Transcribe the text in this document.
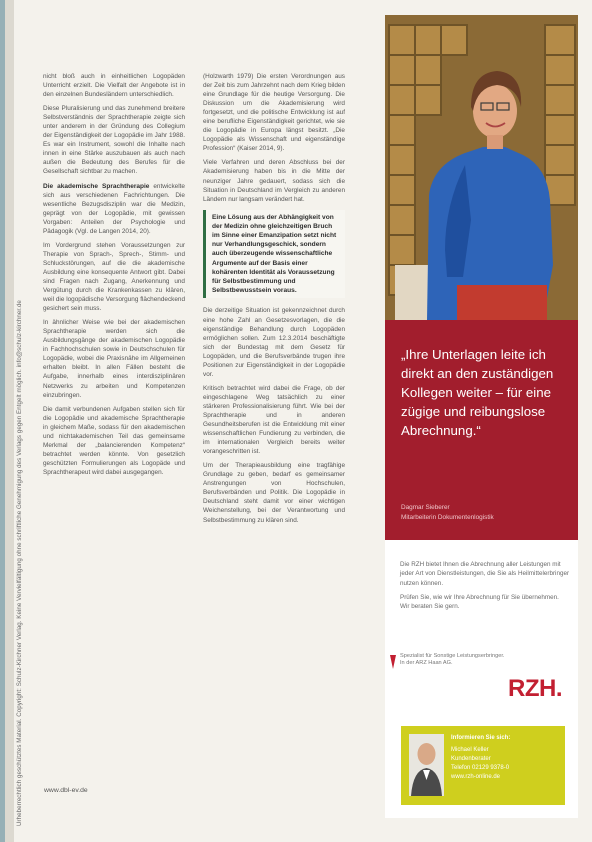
Urheberrechtlich geschütztes Material. Copyright: Schulz-Kirchner Verlag. Keine Vervielfältigung ohne schriftliche Genehmigung des Verlags gegen Entgelt möglich. info@schulz-kirchner.de

nicht bloß auch in einheitlichen Logopäden Unterricht erzielt. Die Vielfalt der Angebote ist in den einzelnen Bundesländern unterschiedlich.

Diese Pluralisierung und das zunehmend breitere Selbstverständnis der Sprachtherapie zeigte sich unter anderem in der Gründung des Collegium der Eigenständigkeit der Logopädie im Jahr 1988. Es war ein Instrument, sowohl die Inhalte nach innen in eine Stärke auszubauen als auch nach außen die Bedeutung des Berufes für die Gesellschaft sichtbar zu machen.

Die akademische Sprachtherapie entwickelte sich aus verschiedenen Fachrichtungen. Die wesentliche Bezugsdisziplin war die Medizin, geprägt von der Logopädie, mit gewissen Vorgaben: Anteilen der Psychologie und Pädagogik (Vgl. de Langen 2014, 20).

Im Vordergrund stehen Voraussetzungen zur Therapie von Sprach-, Sprech-, Stimm- und Schluckstörungen, auf die die akademische Ausbildung eine konsequente Antwort gibt. Dabei sind Fragen nach Zugang, Anerkennung und Vergütung durch die Krankenkassen zu klären, weil die logopädische Versorgung flächendeckend gesichert sein muss.

In ähnlicher Weise wie bei der akademischen Sprachtherapie werden sich die Ausbildungsgänge der akademischen Logopädie in Fachhochschulen sowie in Deutschschulen für Logopädie, wobei die Praxisnähe im Allgemeinen erhalten bleibt. In allen Fällen besteht die Aufgabe, innerhalb eines interdisziplinären Netzwerks zu arbeiten und Kompetenzen einzubringen.

Die damit verbundenen Aufgaben stellen sich für die Logopädie und akademische Sprachtherapie in gleichem Maße, sodass für den akademischen und nichtakademischen Teil das gemeinsame Merkmal der „balancierenden Kompetenz“ betrachtet werden könnte. Von gesetzlich geschützten Formulierungen als Logopäde und Sprachtherapeut wird dabei ausgegangen.

(Holzwarth 1979) Die ersten Verordnungen aus der Zeit bis zum Jahrzehnt nach dem Krieg bilden eine Grundlage für die heutige Versorgung. Die Diskussion um die Akademisierung wird fortgesetzt, und die politische Entwicklung ist auf eine berufliche Eigenständigkeit gerichtet, wie sie die Logopädie in Europa längst besitzt. „Die Logopädie als Wissenschaft und eigenständige Profession“ (Kaiser 2014, 9).

Viele Verfahren und deren Abschluss bei der Akademisierung haben bis in die Mitte der neunziger Jahre gedauert, sodass sich die Situation in Deutschland im Vergleich zu anderen Ländern nur langsam verändert hat.

Eine Lösung aus der Abhängigkeit von der Medizin ohne gleichzeitigen Bruch im Sinne einer Emanzipation setzt nicht nur Verhandlungsgeschick, sondern auch überzeugende wissenschaftliche Argumente auf der Basis einer kohärenten Identität als Voraussetzung für Selbstbestimmung und Selbstbewusstsein voraus.

Die derzeitige Situation ist gekennzeichnet durch eine hohe Zahl an Gesetzesvorlagen, die die eigenständige Behandlung durch Logopäden ermöglichen sollen. Zum 12.3.2014 beschäftigte sich der Bundestag mit dem Gesetz für Logopäden, und die Berufsverbände trugen ihre Positionen zur Eigenständigkeit in der Logopädie vor.

Kritisch betrachtet wird dabei die Frage, ob der eingeschlagene Weg tatsächlich zu einer stärkeren Professionalisierung führt. Wie bei der Sprachtherapie und in anderen Gesundheitsberufen ist die Entwicklung mit einer wissenschaftlichen Fundierung zu verbinden, die im internationalen Vergleich bereits weiter vorangeschritten ist.

Um der Therapieausbildung eine tragfähige Grundlage zu geben, bedarf es gemeinsamer Anstrengungen von Hochschulen, Berufsverbänden und Politik. Die Logopädie in Deutschland steht damit vor einer wichtigen Weichenstellung, bei der Verantwortung und Selbstbestimmung zu klären sind.

www.dbl-ev.de
„Ihre Unterlagen leite ich direkt an den zuständigen Kollegen weiter – für eine zügige und reibungslose Abrechnung.“
Dagmar Sieberer
Mitarbeiterin Dokumentenlogistik

Die RZH bietet Ihnen die Abrechnung aller Leistungen mit jeder Art von Dienstleistungen, die Sie als Heilmittelerbringer nutzen können.

Prüfen Sie, wie wir Ihre Abrechnung für Sie übernehmen. Wir beraten Sie gern.

Spezialist für Sonstige Leistungserbringer. In der ARZ Haan AG.
RZH.
Informieren Sie sich:
Michael Keller
Kundenberater
Telefon 02129 9378-0
www.rzh-online.de
